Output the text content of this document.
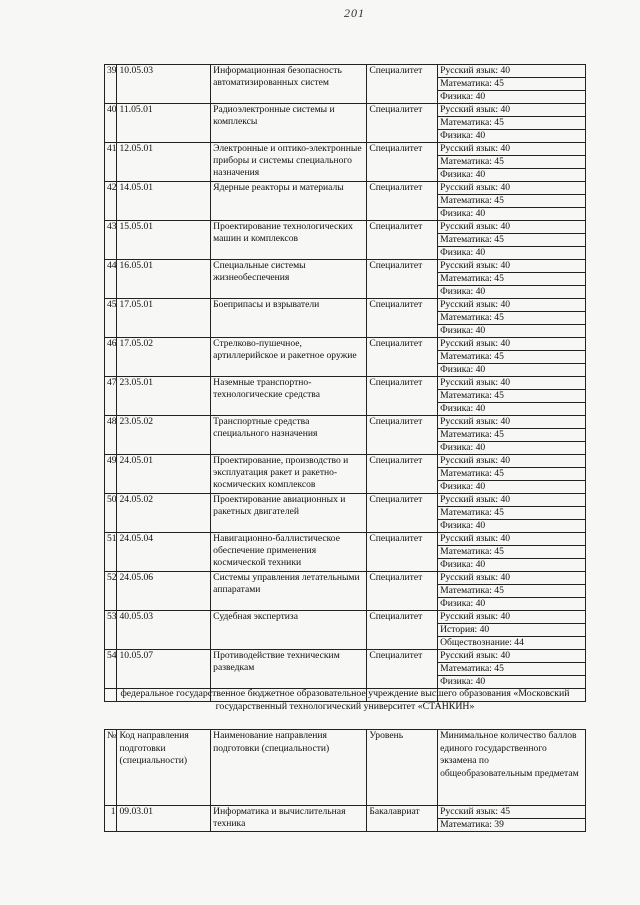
201
39	10.05.03	Информационная безопасность автоматизированных систем	Специалитет	Русский язык: 40
				Математика: 45
				Физика: 40
40	11.05.01	Радиоэлектронные системы и комплексы	Специалитет	Русский язык: 40
				Математика: 45
				Физика: 40
41	12.05.01	Электронные и оптико-электронные приборы и системы специального назначения	Специалитет	Русский язык: 40
				Математика: 45
				Физика: 40
42	14.05.01	Ядерные реакторы и материалы	Специалитет	Русский язык: 40
				Математика: 45
				Физика: 40
43	15.05.01	Проектирование технологических машин и комплексов	Специалитет	Русский язык: 40
				Математика: 45
				Физика: 40
44	16.05.01	Специальные системы жизнеобеспечения	Специалитет	Русский язык: 40
				Математика: 45
				Физика: 40
45	17.05.01	Боеприпасы и взрыватели	Специалитет	Русский язык: 40
				Математика: 45
				Физика: 40
46	17.05.02	Стрелково-пушечное, артиллерийское и ракетное оружие	Специалитет	Русский язык: 40
				Математика: 45
				Физика: 40
47	23.05.01	Наземные транспортно-технологические средства	Специалитет	Русский язык: 40
				Математика: 45
				Физика: 40
48	23.05.02	Транспортные средства специального назначения	Специалитет	Русский язык: 40
				Математика: 45
				Физика: 40
49	24.05.01	Проектирование, производство и эксплуатация ракет и ракетно-космических комплексов	Специалитет	Русский язык: 40
				Математика: 45
				Физика: 40
50	24.05.02	Проектирование авиационных и ракетных двигателей	Специалитет	Русский язык: 40
				Математика: 45
				Физика: 40
51	24.05.04	Навигационно-баллистическое обеспечение применения космической техники	Специалитет	Русский язык: 40
				Математика: 45
				Физика: 40
52	24.05.06	Системы управления летательными аппаратами	Специалитет	Русский язык: 40
				Математика: 45
				Физика: 40
53	40.05.03	Судебная экспертиза	Специалитет	Русский язык: 40
				История: 40
				Обществознание: 44
54	10.05.07	Противодействие техническим разведкам	Специалитет	Русский язык: 40
				Математика: 45
				Физика: 40

федеральное государственное бюджетное образовательное учреждение высшего образования «Московский государственный технологический университет «СТАНКИН»
№	Код направления подготовки (специальности)	Наименование направления подготовки (специальности)	Уровень	Минимальное количество баллов единого государственного экзамена по общеобразовательным предметам
1	09.03.01	Информатика и вычислительная техника	Бакалавриат	Русский язык: 45
Математика: 39
